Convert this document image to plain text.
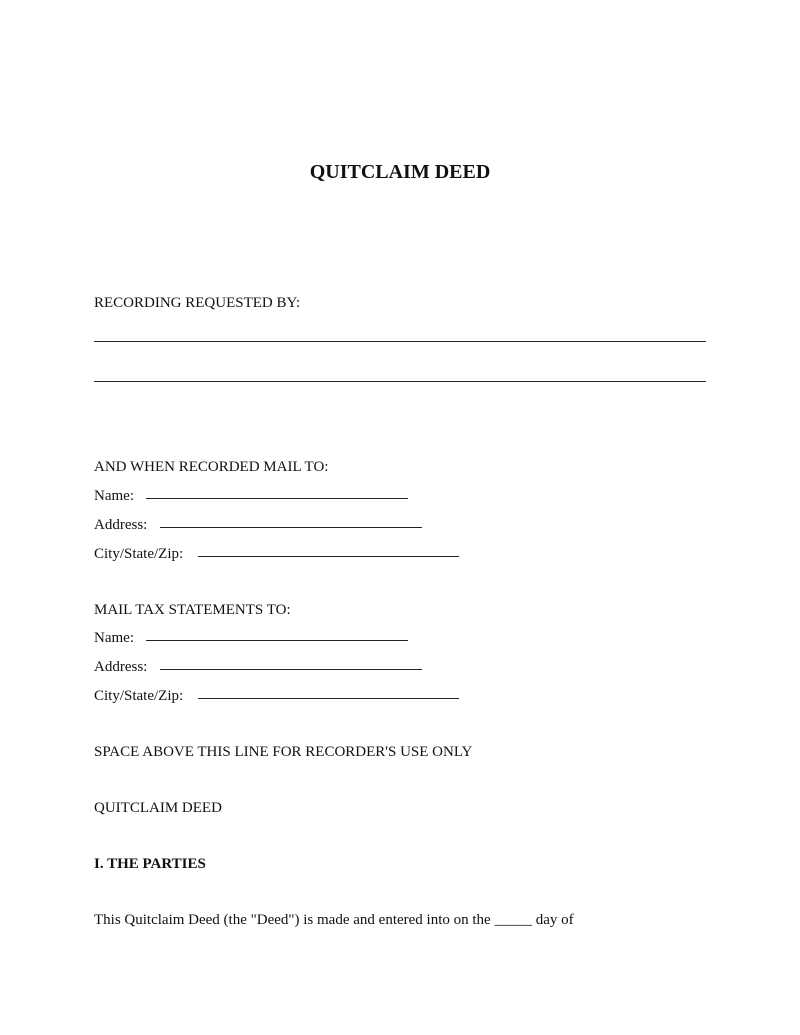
QUITCLAIM DEED
RECORDING REQUESTED BY:
AND WHEN RECORDED MAIL TO:
Name:
Address:
City/State/Zip:
MAIL TAX STATEMENTS TO:
Name:
Address:
City/State/Zip:
SPACE ABOVE THIS LINE FOR RECORDER'S USE ONLY
QUITCLAIM DEED
I. THE PARTIES
This Quitclaim Deed (the "Deed") is made and entered into on the _____ day of
